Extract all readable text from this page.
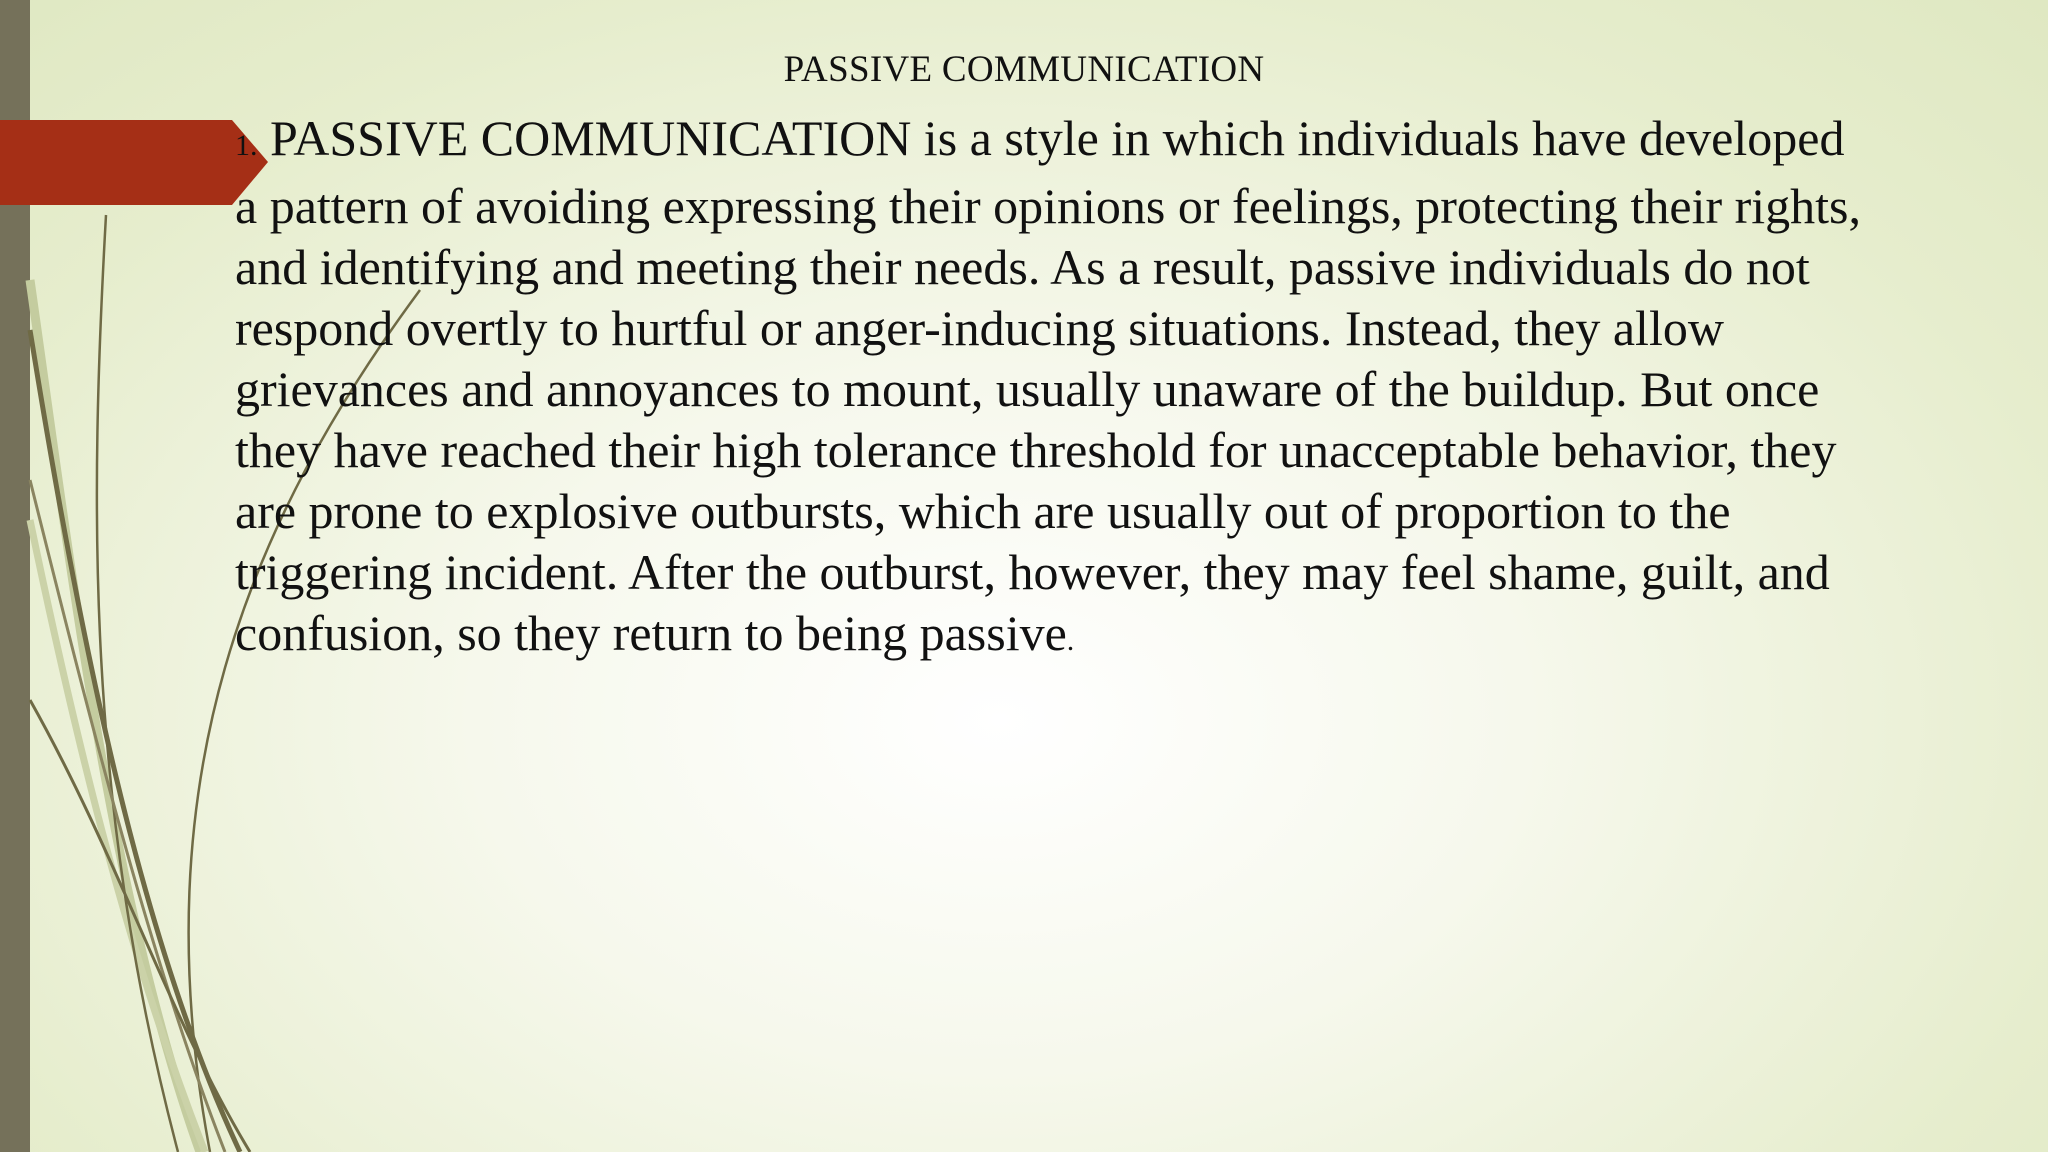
PASSIVE COMMUNICATION

1. PASSIVE COMMUNICATION is a style in which individuals have developed

a pattern of avoiding expressing their opinions or feelings, protecting their rights,

and identifying and meeting their needs. As a result, passive individuals do not

respond overtly to hurtful or anger-inducing situations. Instead, they allow

grievances and annoyances to mount, usually unaware of the buildup. But once

they have reached their high tolerance threshold for unacceptable behavior, they

are prone to explosive outbursts, which are usually out of proportion to the

triggering incident. After the outburst, however, they may feel shame, guilt, and

confusion, so they return to being passive.
